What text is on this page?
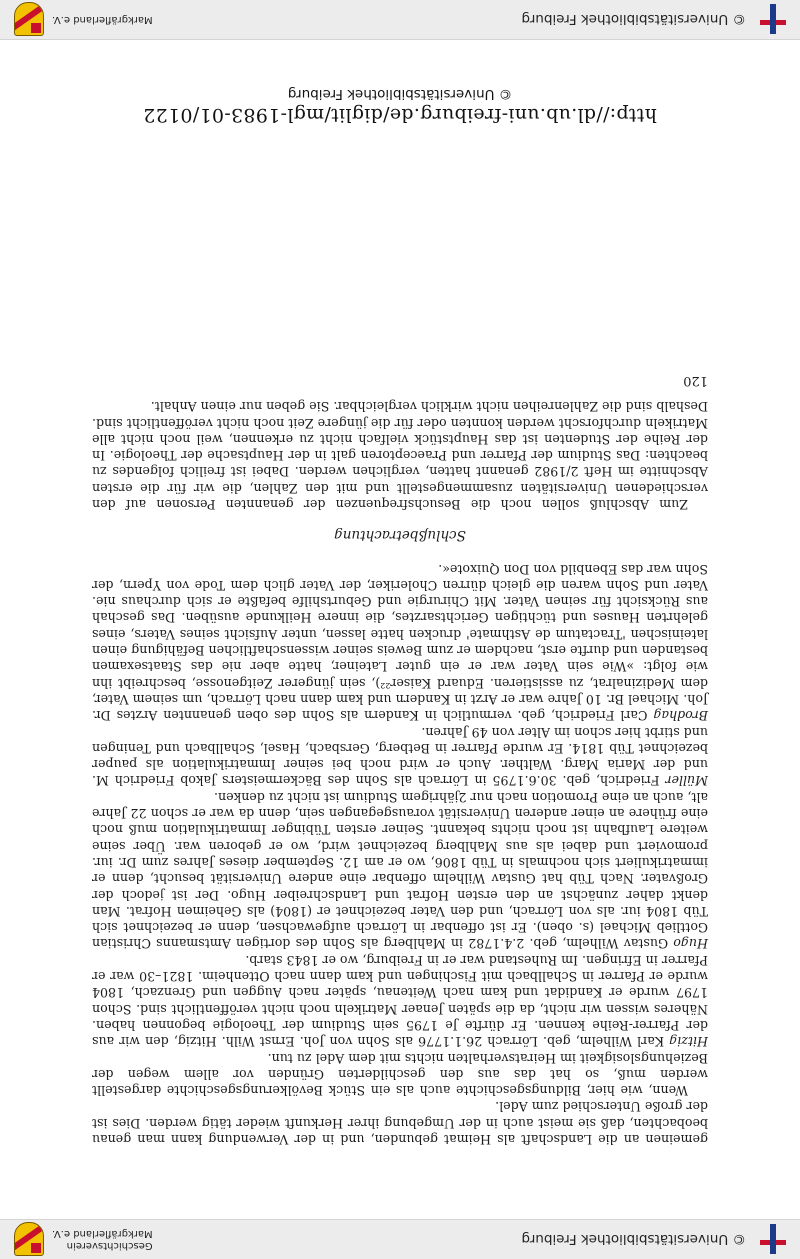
© Universitätsbibliothek Freiburg
Geschichtsverein
Markgräflerland e.V.

gemeinen an die Landschaft als Heimat gebunden, und in der Verwendung kann man genau beobachten, daß sie meist auch in der Umgebung ihrer Herkunft wieder tätig werden. Dies ist der große Unterschied zum Adel.

Wenn, wie hier, Bildungsgeschichte auch als ein Stück Bevölkerungsgeschichte dargestellt werden muß, so hat das aus den geschilderten Gründen vor allem wegen der Beziehungslosigkeit im Heiratsverhalten nichts mit dem Adel zu tun.

Hitzig Karl Wilhelm, geb. Lörrach 26.1.1776 als Sohn von Joh. Ernst Wilh. Hitzig, den wir aus der Pfarrer-Reihe kennen. Er dürfte Je 1795 sein Studium der Theologie begonnen haben. Näheres wissen wir nicht, da die späten Jenaer Matrikeln noch nicht veröffentlicht sind. Schon 1797 wurde er Kandidat und kam nach Weitenau, später nach Auggen und Grenzach, 1804 wurde er Pfarrer in Schallbach mit Fischingen und kam dann nach Ottenheim. 1821–30 war er Pfarrer in Efringen. Im Ruhestand war er in Freiburg, wo er 1843 starb.

Hugo Gustav Wilhelm, geb. 2.4.1782 in Mahlberg als Sohn des dortigen Amtsmanns Christian Gottlieb Michael (s. oben). Er ist offenbar in Lörrach aufgewachsen, denn er bezeichnet sich Tüb 1804 iur. als von Lörrach, und den Vater bezeichnet er (1804) als Geheimen Hofrat. Man denkt daher zunächst an den ersten Hofrat und Landschreiber Hugo. Der ist jedoch der Großvater. Nach Tüb hat Gustav Wilhelm offenbar eine andere Universität besucht, denn er immatrikuliert sich nochmals in Tüb 1806, wo er am 12. September dieses Jahres zum Dr. iur. promoviert und dabei als aus Mahlberg bezeichnet wird, wo er geboren war. Über seine weitere Laufbahn ist noch nichts bekannt. Seiner ersten Tübinger Immatrikulation muß noch eine frühere an einer anderen Universität vorausgegangen sein, denn da war er schon 22 Jahre alt, auch an eine Promotion nach nur 2jährigem Studium ist nicht zu denken.

Müller Friedrich, geb. 30.6.1795 in Lörrach als Sohn des Bäckermeisters Jakob Friedrich M. und der Maria Marg. Walther. Auch er wird noch bei seiner Immatrikulation als pauper bezeichnet Tüb 1814. Er wurde Pfarrer in Betberg, Gersbach, Hasel, Schallbach und Teningen und stirbt hier schon im Alter von 49 Jahren.

Brodhag Carl Friedrich, geb. vermutlich in Kandern als Sohn des oben genannten Arztes Dr. Joh. Michael Br. 10 Jahre war er Arzt in Kandern und kam dann nach Lörrach, um seinem Vater, dem Medizinalrat, zu assistieren. Eduard Kaiser²²), sein jüngerer Zeitgenosse, beschreibt ihn wie folgt: »Wie sein Vater war er ein guter Lateiner, hatte aber nie das Staatsexamen bestanden und durfte erst, nachdem er zum Beweis seiner wissenschaftlichen Befähigung einen lateinischen 'Tractatum de Asthmate' drucken hatte lassen, unter Aufsicht seines Vaters, eines gelehrten Hauses und tüchtigen Gerichtsarztes, die innere Heilkunde ausüben. Das geschah aus Rücksicht für seinen Vater. Mit Chirurgie und Geburtshilfe befaßte er sich durchaus nie. Vater und Sohn waren die gleich dürren Choleriker, der Vater glich dem Tode von Ypern, der Sohn war das Ebenbild von Don Quixote«.

Schlußbetrachtung

Zum Abschluß sollen noch die Besuchsfrequenzen der genannten Personen auf den verschiedenen Universitäten zusammengestellt und mit den Zahlen, die wir für die ersten Abschnitte im Heft 2/1982 genannt hatten, verglichen werden. Dabei ist freilich folgendes zu beachten: Das Studium der Pfarrer und Praeceptoren galt in der Hauptsache der Theologie. In der Reihe der Studenten ist das Hauptstück vielfach nicht zu erkennen, weil noch nicht alle Matrikeln durchforscht werden konnten oder für die jüngere Zeit noch nicht veröffentlicht sind. Deshalb sind die Zahlenreihen nicht wirklich vergleichbar. Sie geben nur einen Anhalt.

120
http://dl.ub.uni-freiburg.de/diglit/mgl-1983-01/0122
© Universitätsbibliothek Freiburg
© Universitätsbibliothek Freiburg
Markgräflerland e.V.
